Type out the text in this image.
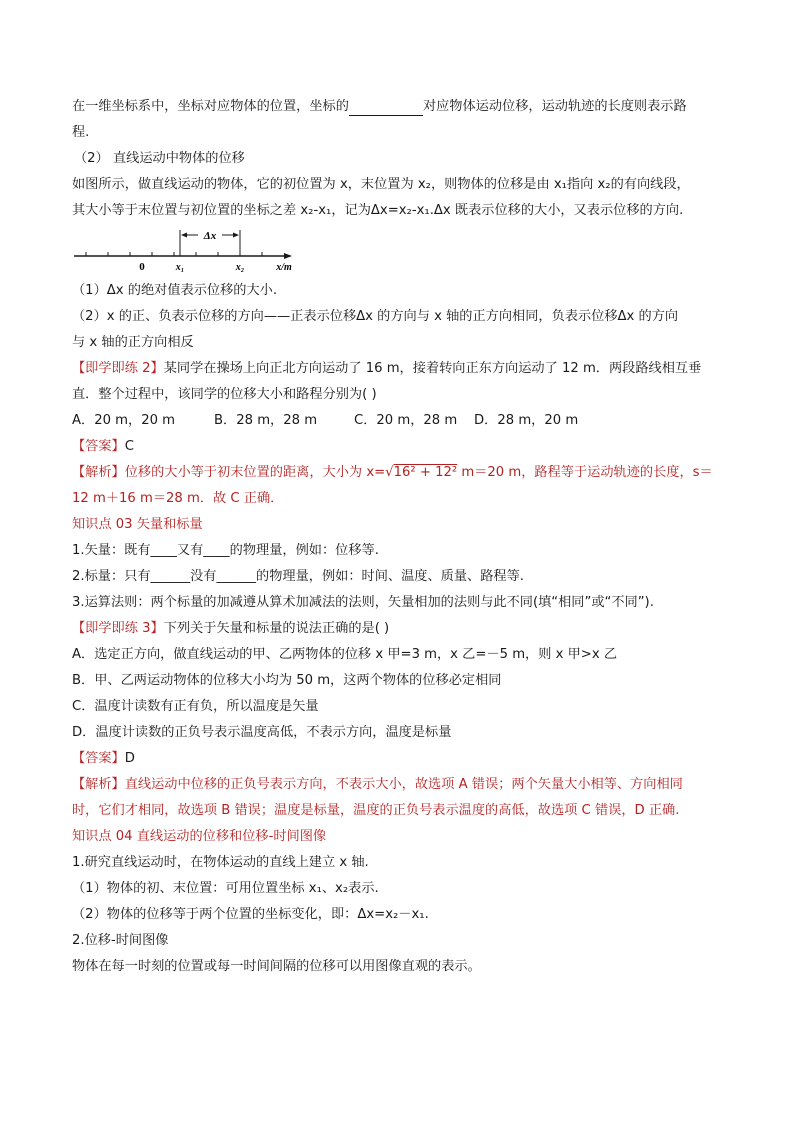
在一维坐标系中，坐标对应物体的位置，坐标的	对应物体运动位移，运动轨迹的长度则表示路
程.
（2） 直线运动中物体的位移
如图所示，做直线运动的物体，它的初位置为 x，末位置为 x₂，则物体的位移是由 x₁指向 x₂的有向线段，
其大小等于末位置与初位置的坐标之差 x₂-x₁，记为Δx=x₂-x₁.Δx 既表示位移的大小，又表示位移的方向.
Δx
0	x₁	x₂	x/m
（1）Δx 的绝对值表示位移的大小.
（2）x 的正、负表示位移的方向——正表示位移Δx 的方向与 x 轴的正方向相同，负表示位移Δx 的方向
与 x 轴的正方向相反
【即学即练 2】某同学在操场上向正北方向运动了 16 m，接着转向正东方向运动了 12 m．两段路线相互垂
直．整个过程中，该同学的位移大小和路程分别为( )
A．20 m，20 m	B．28 m，28 m	C．20 m，28 m D．28 m，20 m
【答案】C
【解析】位移的大小等于初末位置的距离，大小为 x=√16² + 12² m＝20 m，路程等于运动轨迹的长度，s＝
12 m＋16 m＝28 m．故 C 正确．
知识点 03 矢量和标量
1.矢量：既有____又有____的物理量，例如：位移等.
2.标量：只有______没有______的物理量，例如：时间、温度、质量、路程等.
3.运算法则：两个标量的加减遵从算术加减法的法则，矢量相加的法则与此不同(填“相同”或“不同”).
【即学即练 3】下列关于矢量和标量的说法正确的是( )
A．选定正方向，做直线运动的甲、乙两物体的位移 x 甲=3 m，x 乙=－5 m，则 x 甲>x 乙
B．甲、乙两运动物体的位移大小均为 50 m，这两个物体的位移必定相同
C．温度计读数有正有负，所以温度是矢量
D．温度计读数的正负号表示温度高低，不表示方向，温度是标量
【答案】D
【解析】直线运动中位移的正负号表示方向，不表示大小，故选项 A 错误；两个矢量大小相等、方向相同
时，它们才相同，故选项 B 错误；温度是标量，温度的正负号表示温度的高低，故选项 C 错误，D 正确.
知识点 04 直线运动的位移和位移-时间图像
1.研究直线运动时，在物体运动的直线上建立 x 轴.
（1）物体的初、末位置：可用位置坐标 x₁、x₂表示.
（2）物体的位移等于两个位置的坐标变化，即：Δx=x₂－x₁.
2.位移-时间图像
物体在每一时刻的位置或每一时间间隔的位移可以用图像直观的表示。
